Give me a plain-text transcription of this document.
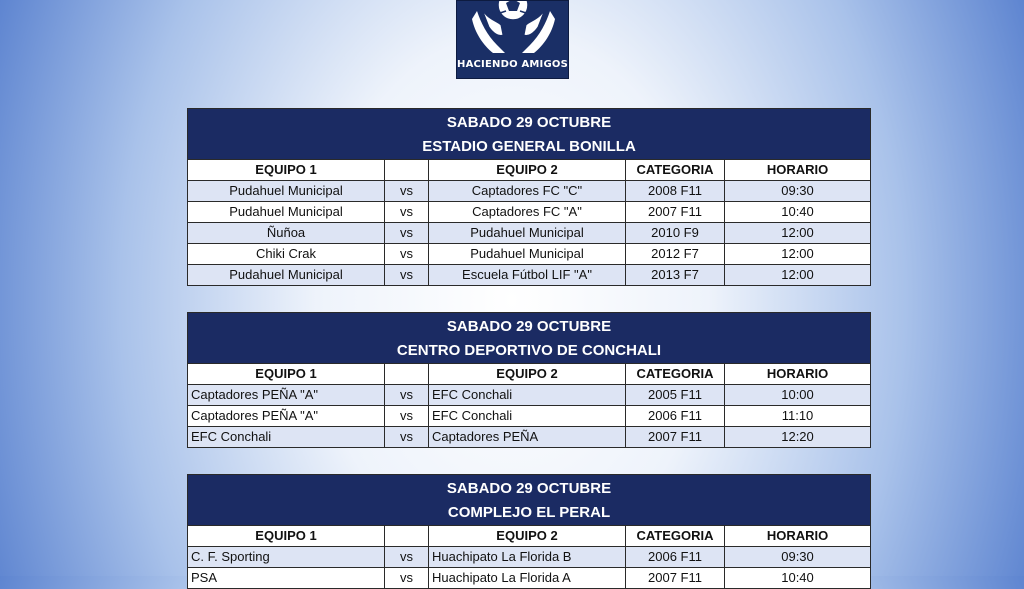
HACIENDO AMIGOS
SABADO 29 OCTUBRE				
ESTADIO GENERAL BONILLA				
EQUIPO 1		EQUIPO 2	CATEGORIA	HORARIO
Pudahuel Municipal	vs	Captadores FC "C"	2008 F11	09:30
Pudahuel Municipal	vs	Captadores FC "A"	2007 F11	10:40
Ñuñoa	vs	Pudahuel Municipal	2010 F9	12:00
Chiki Crak	vs	Pudahuel Municipal	2012 F7	12:00
Pudahuel Municipal	vs	Escuela Fútbol LIF "A"	2013 F7	12:00
SABADO 29 OCTUBRE				
CENTRO DEPORTIVO DE CONCHALI				
EQUIPO 1		EQUIPO 2	CATEGORIA	HORARIO
Captadores PEÑA "A"	vs	EFC Conchali	2005 F11	10:00
Captadores PEÑA "A"	vs	EFC Conchali	2006 F11	11:10
EFC Conchali	vs	Captadores PEÑA	2007 F11	12:20
SABADO 29 OCTUBRE				
COMPLEJO EL PERAL				
EQUIPO 1		EQUIPO 2	CATEGORIA	HORARIO
C. F. Sporting	vs	Huachipato La Florida B	2006 F11	09:30
PSA	vs	Huachipato La Florida A	2007 F11	10:40
